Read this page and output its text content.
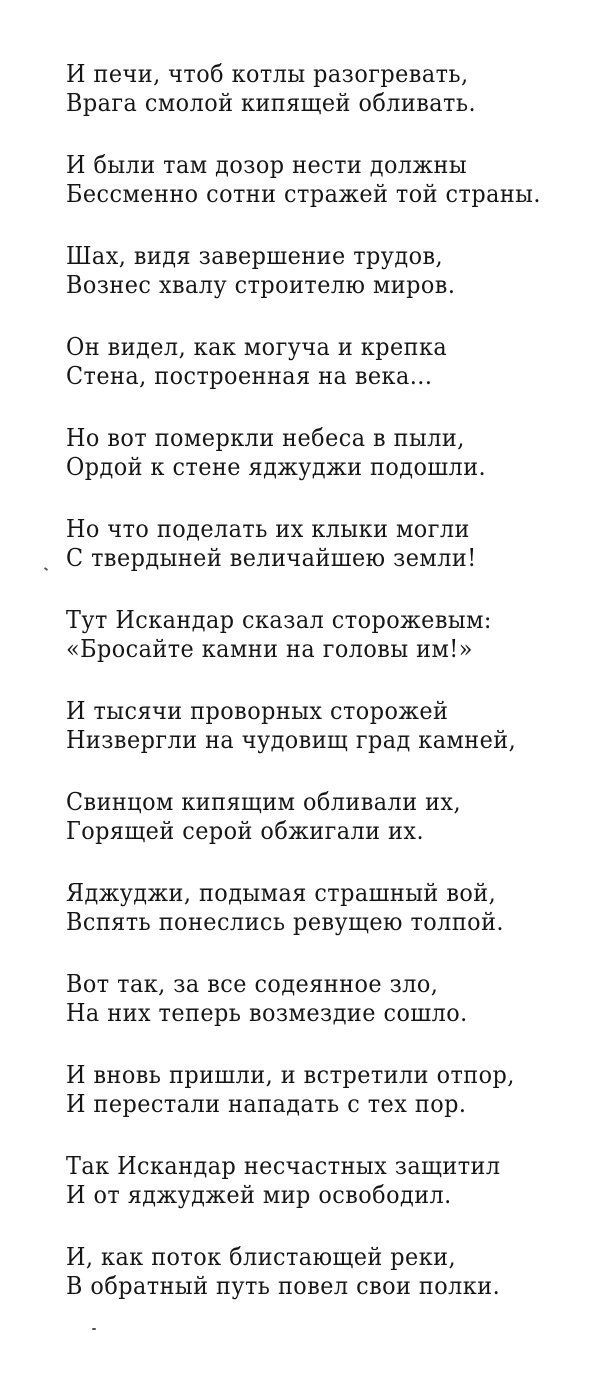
И печи, чтоб котлы разогревать,
Врага смолой кипящей обливать.
И были там дозор нести должны
Бессменно сотни стражей той страны.
Шах, видя завершение трудов,
Вознес хвалу строителю миров.
Он видел, как могуча и крепка
Стена, построенная на века...
Но вот померкли небеса в пыли,
Ордой к стене яджуджи подошли.
Но что поделать их клыки могли
С твердыней величайшею земли!
Тут Искандар сказал сторожевым:
«Бросайте камни на головы им!»
И тысячи проворных сторожей
Низвергли на чудовищ град камней,
Свинцом кипящим обливали их,
Горящей серой обжигали их.
Яджуджи, подымая страшный вой,
Вспять понеслись ревущею толпой.
Вот так, за все содеянное зло,
На них теперь возмездие сошло.
И вновь пришли, и встретили отпор,
И перестали нападать с тех пор.
Так Искандар несчастных защитил
И от яджуджей мир освободил.
И, как поток блистающей реки,
В обратный путь повел свои полки.
